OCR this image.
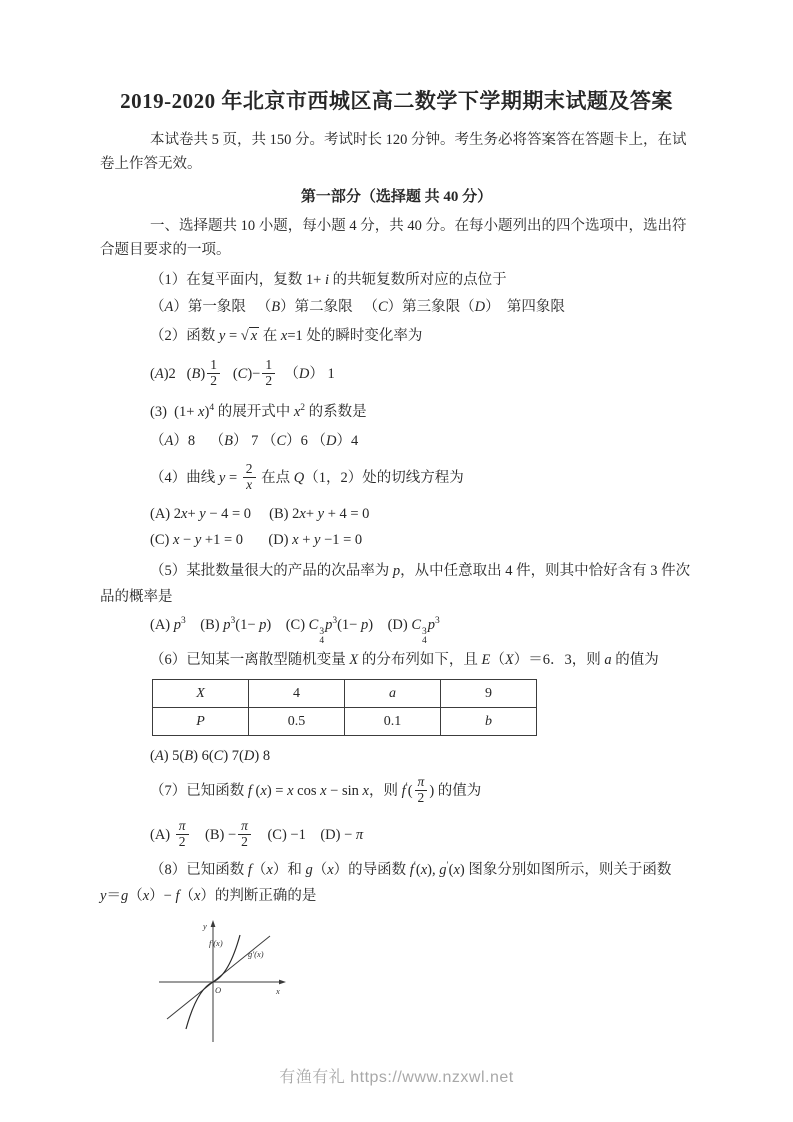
2019-2020 年北京市西城区高二数学下学期期末试题及答案

本试卷共 5 页，共 150 分。考试时长 120 分钟。考生务必将答案答在答题卡上，在试

卷上作答无效。

第一部分（选择题 共 40 分）

一、选择题共 10 小题，每小题 4 分，共 40 分。在每小题列出的四个选项中，选出符

合题目要求的一项。

（1）在复平面内，复数 1+ i 的共轭复数所对应的点位于

（A）第一象限   （B）第二象限   （C）第三象限（D）  第四象限

（2）函数 y = √ x 在 x=1 处的瞬时变化率为

(A)2   $(B) \frac{1}{2} (C)- \frac{1}{2} (D)$ 1

(3)  $(1+ x)^4$ 的展开式中 $x^2$ 的系数是

（A）8    （B） 7 （C）6 （D）4

（4）曲线 $y = \frac{2}{x}$ 在点 Q（1，2）处的切线方程为

(A) 2x+ y − 4 = 0     (B) 2x+ y + 4 = 0

(C) x − y +1 = 0       (D) x + y −1 = 0

（5）某批数量很大的产品的次品率为 p，从中任意取出 4 件，则其中恰好含有 3 件次

品的概率是

(A) $p^3$    (B) $p^3(1- p)$    (C) C 3
4
$p^3(1- p)$    (D) C 3
4
$p^3$

（6）已知某一离散型随机变量 X 的分布列如下，且 E（X）＝6．3，则 a 的值为

X	4	a	9
P	0.5	0.1	b

(A) 5(B) 6(C) 7(D) 8

（7）已知函数 f (x) = x cos x − sin x，则 $f'( \frac{\pi}{2}$ ) 的值为

$(A) \frac{\pi}{2} (B) - \frac{\pi}{2} (C) -1$    (D) − π

（8）已知函数 f（x）和 g（x）的导函数 f′(x), g′(x) 图象分别如图所示，则关于函数

y＝g（x）− f（x）的判断正确的是

y
x
O
f′(x)
g′(x)
有渔有礼 https://www.nzxwl.net
